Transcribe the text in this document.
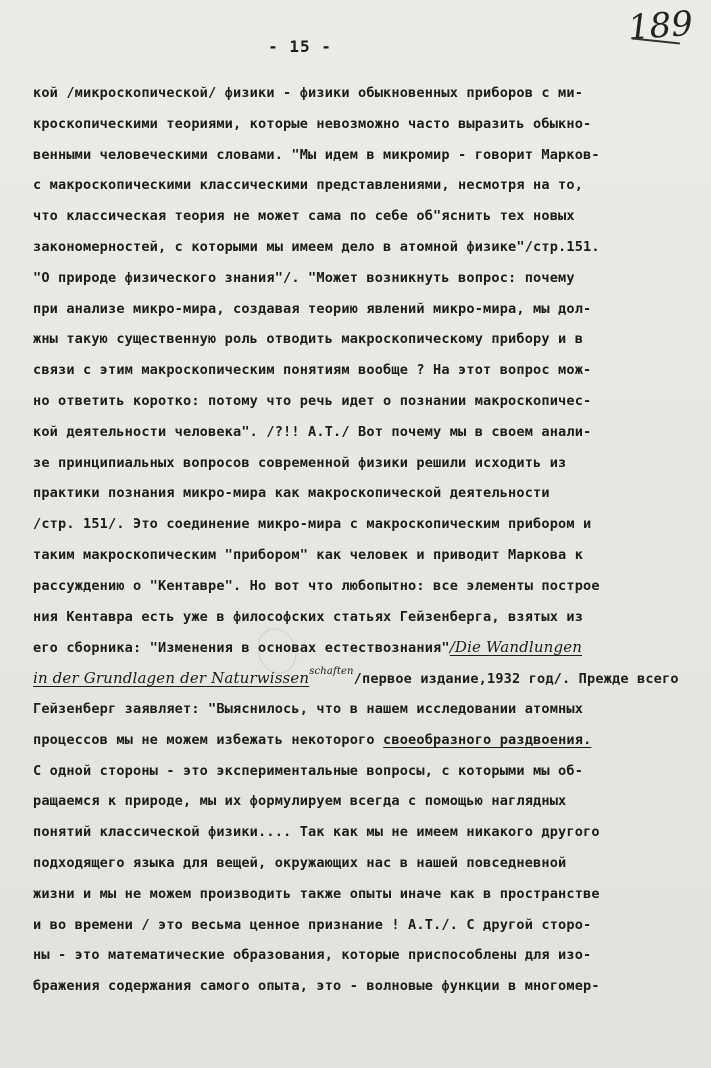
189
- 15 -
кой /микроскопической/ физики - физики обыкновенных приборов с ми-
кроскопическими теориями, которые невозможно часто выразить обыкно-
венными человеческими словами. "Мы идем в микромир - говорит Марков-
с макроскопическими классическими представлениями, несмотря на то,
что классическая теория не может сама по себе об"яснить тех новых
закономерностей, с которыми мы имеем дело в атомной физике"/стр.151.
"О природе физического знания"/. "Может возникнуть вопрос: почему
при анализе микро-мира, создавая теорию явлений микро-мира, мы дол-
жны такую существенную роль отводить макроскопическому прибору и в
связи с этим макроскопическим понятиям вообще ? На этот вопрос мож-
но ответить коротко: потому что речь идет о познании макроскопичес-
кой деятельности человека". /?!! А.Т./ Вот почему мы в своем анали-
зе принципиальных вопросов современной физики решили исходить из
практики познания микро-мира как макроскопической деятельности
/стр. 151/. Это соединение микро-мира с макроскопическим прибором и
таким макроскопическим "прибором" как человек и приводит Маркова к
рассуждению о "Кентавре". Но вот что любопытно: все элементы построе
ния Кентавра есть уже в философских статьях Гейзенберга, взятых из
его сборника: "Изменения в основах естествознания"/Die Wandlungen
in der Grundlagen der Naturwissen$^{schaften}$/первое издание,1932 год/. Прежде всего
Гейзенберг заявляет: "Выяснилось, что в нашем исследовании атомных
процессов мы не можем избежать некоторого своеобразного раздвоения.
С одной стороны - это экспериментальные вопросы, с которыми мы об-
ращаемся к природе, мы их формулируем всегда с помощью наглядных
понятий классической физики.... Так как мы не имеем никакого другого
подходящего языка для вещей, окружающих нас в нашей повседневной
жизни и мы не можем производить также опыты иначе как в пространстве
и во времени / это весьма ценное признание ! А.Т./. С другой сторо-
ны - это математические образования, которые приспособлены для изо-
бражения содержания самого опыта, это - волновые функции в многомер-
